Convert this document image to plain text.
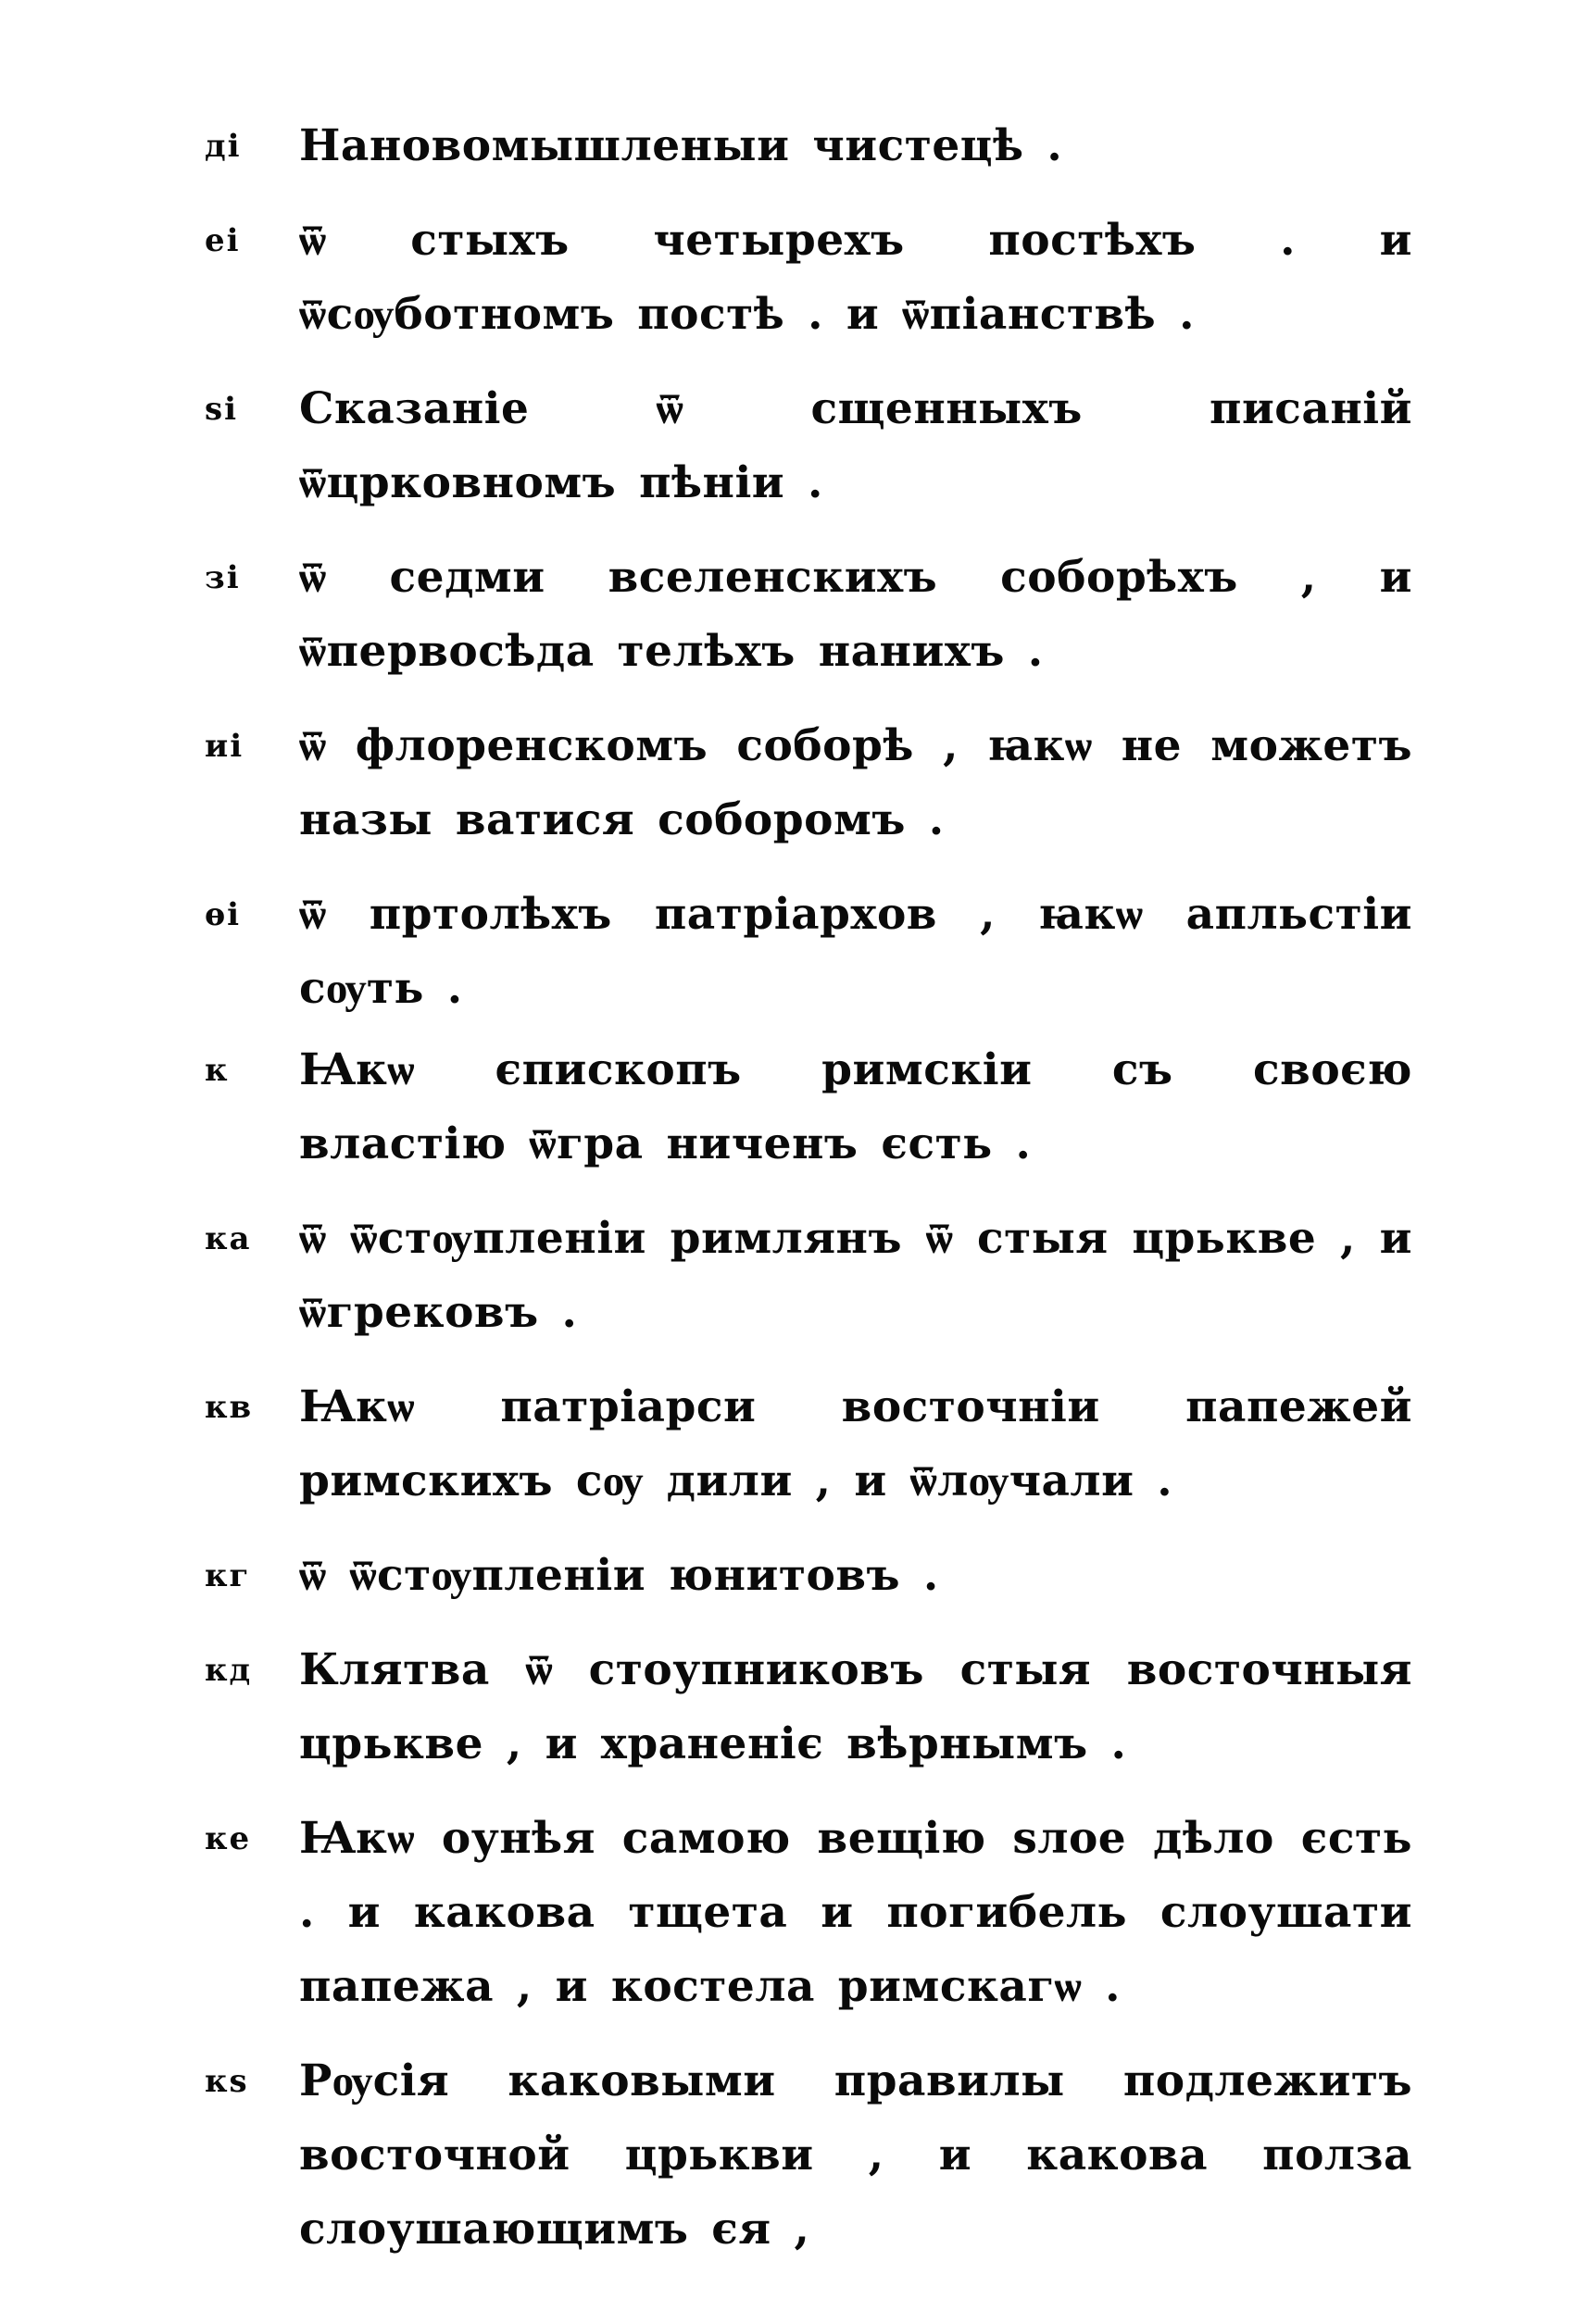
ді	Нановомышленыи чистецѣ .
еі	ѿ стыхъ четырехъ постѣхъ . и ѿсѹботномъ постѣ . и ѿпіанствѣ .
ѕі	Сказаніе ѿ сщенныхъ писаній ѿцрковномъ пѣніи .
зі	ѿ седми вселенскихъ соборѣхъ , и ѿпервосѣда телѣхъ нанихъ .
иі	ѿ флоренскомъ соборѣ , ꙗкѡ не можетъ назы ватися соборомъ .
ѳі	ѿ пртолѣхъ патріархов , ꙗкѡ апльстіи сѹть .
к	Ꙗкѡ єпископъ римскіи съ своєю властію ѿгра ниченъ єсть .
ка	ѿ ѿстѹпленіи римлянъ ѿ стыя црькве , и ѿгрековъ .
кв	Ꙗкѡ патріарси восточніи папежей римскихъ сѹ дили , и ѿлѹчали .
кг	ѿ ѿстѹпленіи юнитовъ .
кд	Клятва ѿ стоупниковъ стыя восточныя црькве , и храненіє вѣрнымъ .
ке	Ꙗкѡ оунѣя самою вещію ѕлое дѣло єсть . и какова тщета и погибель слоушати папежа , и костела римскагѡ .
кѕ	Рѹсія каковыми правилы подлежитъ восточной црькви , и какова полза слоушающимъ єя ,
